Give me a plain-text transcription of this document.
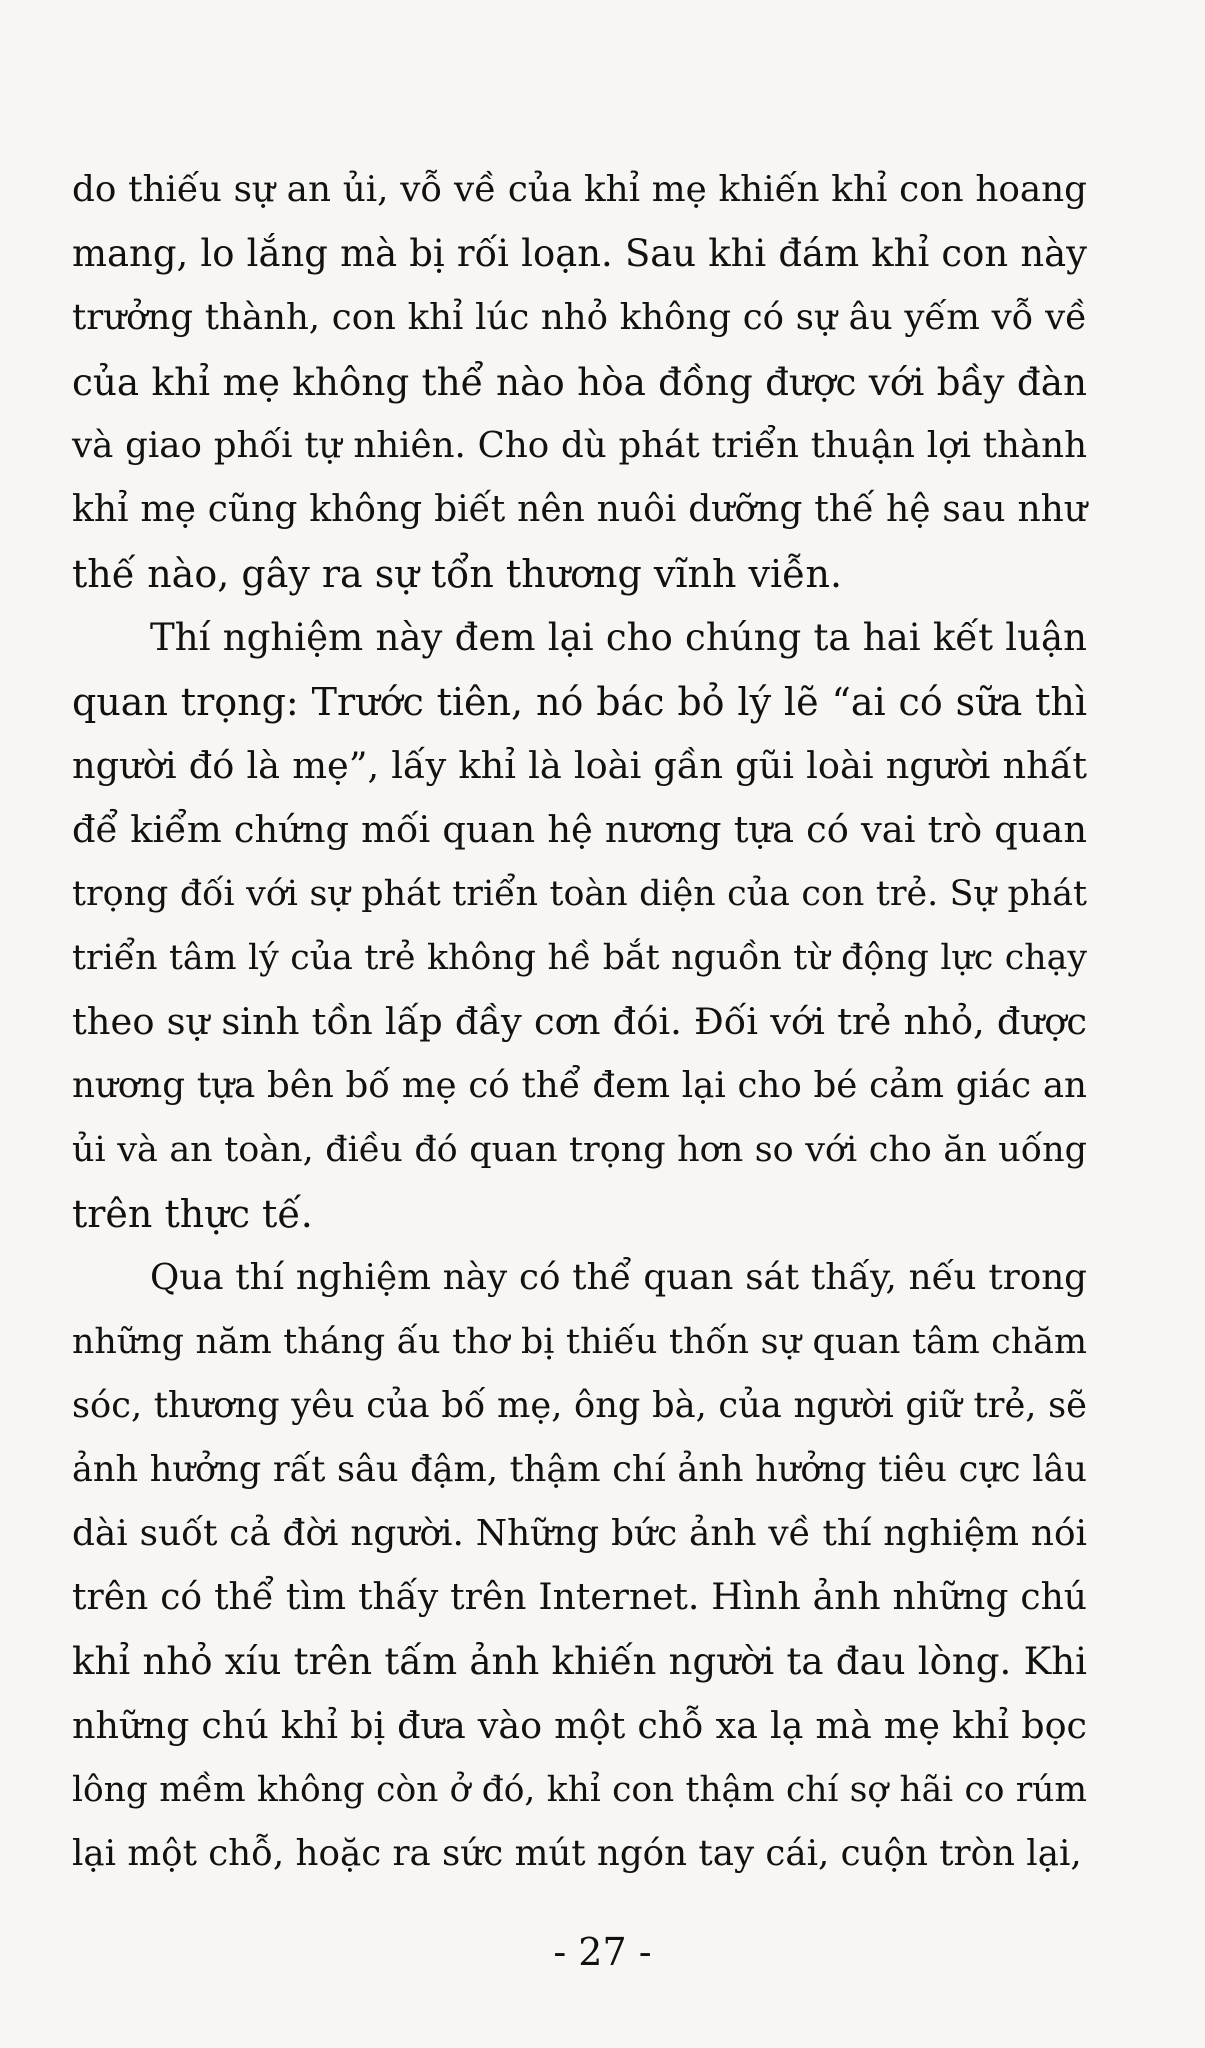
do thiếu sự an ủi, vỗ về của khỉ mẹ khiến khỉ con hoang
mang, lo lắng mà bị rối loạn. Sau khi đám khỉ con này
trưởng thành, con khỉ lúc nhỏ không có sự âu yếm vỗ về
của khỉ mẹ không thể nào hòa đồng được với bầy đàn
và giao phối tự nhiên. Cho dù phát triển thuận lợi thành
khỉ mẹ cũng không biết nên nuôi dưỡng thế hệ sau như
thế nào, gây ra sự tổn thương vĩnh viễn.
Thí nghiệm này đem lại cho chúng ta hai kết luận
quan trọng: Trước tiên, nó bác bỏ lý lẽ “ai có sữa thì
người đó là mẹ”, lấy khỉ là loài gần gũi loài người nhất
để kiểm chứng mối quan hệ nương tựa có vai trò quan
trọng đối với sự phát triển toàn diện của con trẻ. Sự phát
triển tâm lý của trẻ không hề bắt nguồn từ động lực chạy
theo sự sinh tồn lấp đầy cơn đói. Đối với trẻ nhỏ, được
nương tựa bên bố mẹ có thể đem lại cho bé cảm giác an
ủi và an toàn, điều đó quan trọng hơn so với cho ăn uống
trên thực tế.
Qua thí nghiệm này có thể quan sát thấy, nếu trong
những năm tháng ấu thơ bị thiếu thốn sự quan tâm chăm
sóc, thương yêu của bố mẹ, ông bà, của người giữ trẻ, sẽ
ảnh hưởng rất sâu đậm, thậm chí ảnh hưởng tiêu cực lâu
dài suốt cả đời người. Những bức ảnh về thí nghiệm nói
trên có thể tìm thấy trên Internet. Hình ảnh những chú
khỉ nhỏ xíu trên tấm ảnh khiến người ta đau lòng. Khi
những chú khỉ bị đưa vào một chỗ xa lạ mà mẹ khỉ bọc
lông mềm không còn ở đó, khỉ con thậm chí sợ hãi co rúm
lại một chỗ, hoặc ra sức mút ngón tay cái, cuộn tròn lại,
- 27 -
